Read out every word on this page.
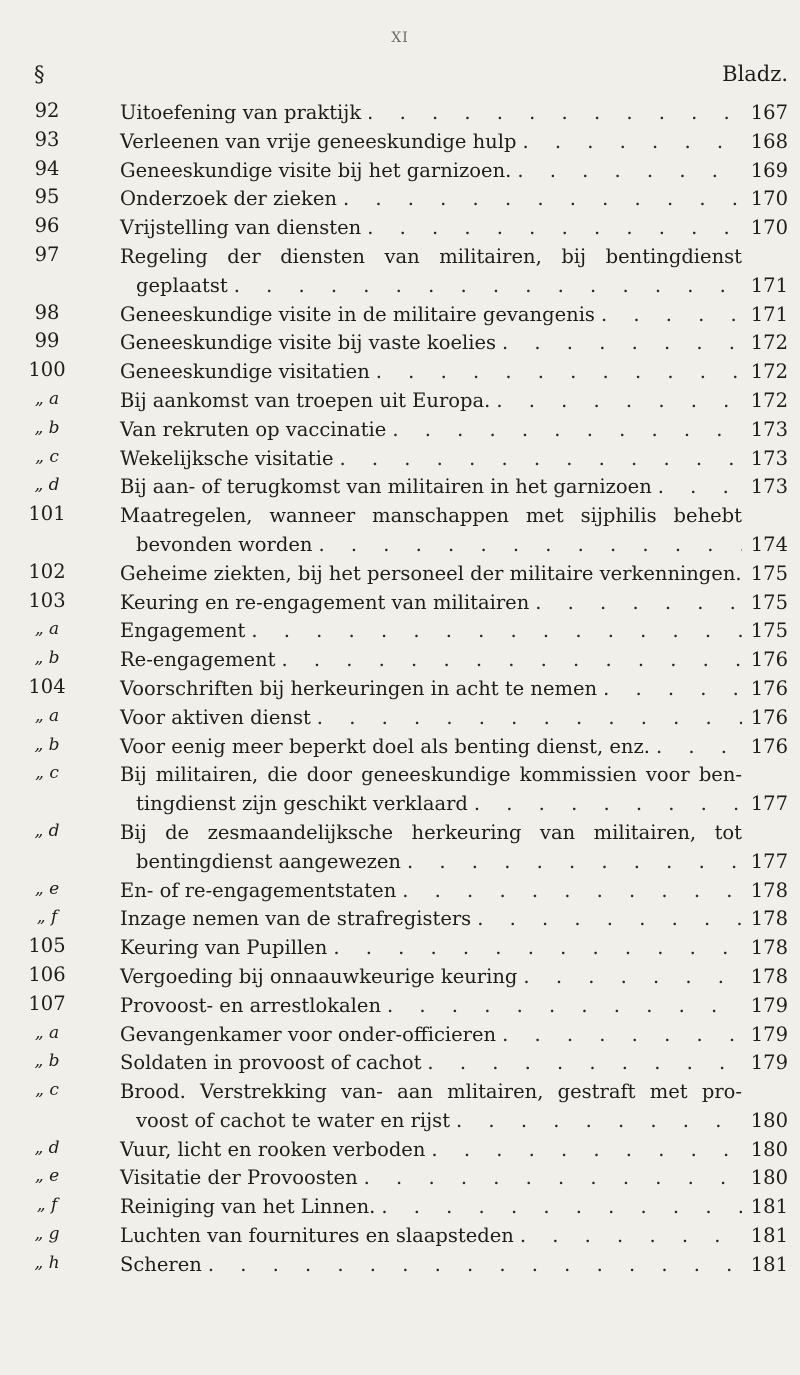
XI
§	Bladz.
92	Uitoefening van praktijk . . .	167
93	Verleenen van vrije geneeskundige hulp . . .	168
94	Geneeskundige visite bij het garnizoen. . . .	169
95	Onderzoek der zieken . . .	170
96	Vrijstelling van diensten . . .	170
97	Regeling der diensten van militairen, bij bentingdienst
geplaatst . . .	171
98	Geneeskundige visite in de militaire gevangenis . . .	171
99	Geneeskundige visite bij vaste koelies . . .	172
100	Geneeskundige visitatien . . .	172
„ a	Bij aankomst van troepen uit Europa. . . .	172
„ b	Van rekruten op vaccinatie . . .	173
„ c	Wekelijksche visitatie . . .	173
„ d	Bij aan- of terugkomst van militairen in het garnizoen . . .	173
101	Maatregelen, wanneer manschappen met sijphilis behebt
bevonden worden . . .	174
102	Geheime ziekten, bij het personeel der militaire verkenningen. . . . 175
103	Keuring en re-engagement van militairen . . .	175
„ a	Engagement . . .	175
„ b	Re-engagement . . .	176
104	Voorschriften bij herkeuringen in acht te nemen . . .	176
„ a	Voor aktiven dienst . . .	176
„ b	Voor eenig meer beperkt doel als benting dienst, enz. . . .	176
„ c	Bij militairen, die door geneeskundige kommissien voor ben-
tingdienst zijn geschikt verklaard . . .	177
„ d	Bij de zesmaandelijksche herkeuring van militairen, tot
bentingdienst aangewezen . . .	177
„ e	En- of re-engagementstaten . . .	178
„ f	Inzage nemen van de strafregisters . . .	178
105	Keuring van Pupillen . . .	178
106	Vergoeding bij onnaauwkeurige keuring . . .	178
107	Provoost- en arrestlokalen . . .	179
„ a	Gevangenkamer voor onder-officieren . . .	179
„ b	Soldaten in provoost of cachot . . .	179
„ c	Brood. Verstrekking van- aan mlitairen, gestraft met pro-
voost of cachot te water en rijst . . .	180
„ d	Vuur, licht en rooken verboden . . .	180
„ e	Visitatie der Provoosten . . .	180
„ f	Reiniging van het Linnen. . . .	181
„ g	Luchten van fournitures en slaapsteden . . .	181
„ h	Scheren . . .	181
